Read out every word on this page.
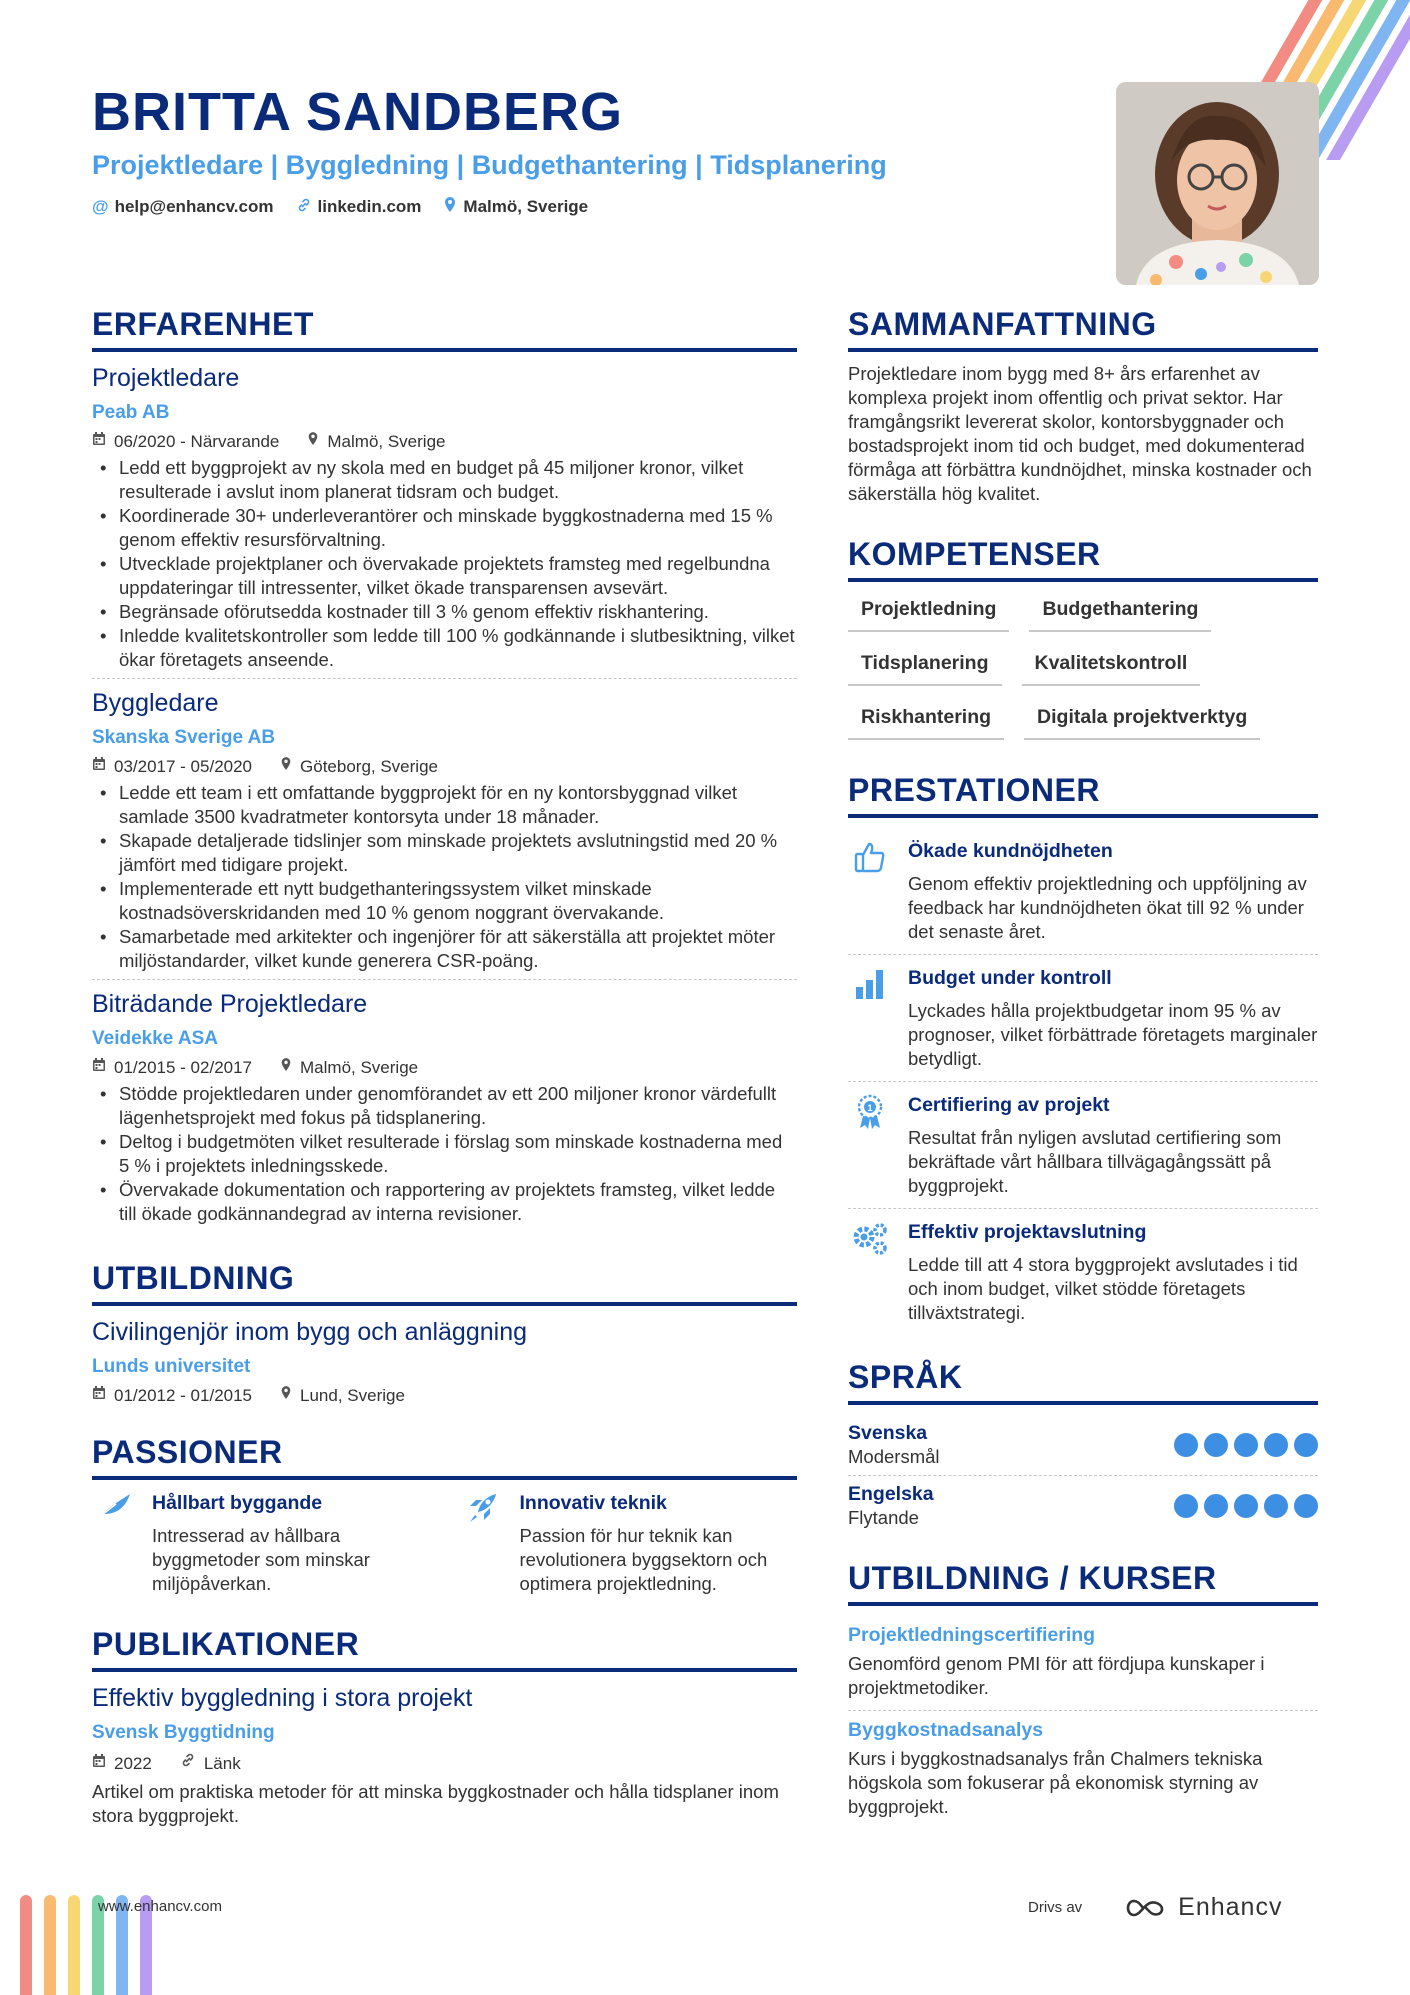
BRITTA SANDBERG
Projektledare | Byggledning | Budgethantering | Tidsplanering
@ help@enhancv.com	linkedin.com Malmö, Sverige
ERFARENHET
Projektledare
Peab AB
06/2020 - Närvarande	Malmö, Sverige
• Ledd ett byggprojekt av ny skola med en budget på 45 miljoner kronor, vilket resulterade i avslut inom planerat tidsram och budget.
• Koordinerade 30+ underleverantörer och minskade byggkostnaderna med 15 % genom effektiv resursförvaltning.
• Utvecklade projektplaner och övervakade projektets framsteg med regelbundna uppdateringar till intressenter, vilket ökade transparensen avsevärt.
• Begränsade oförutsedda kostnader till 3 % genom effektiv riskhantering.
• Inledde kvalitetskontroller som ledde till 100 % godkännande i slutbesiktning, vilket ökar företagets anseende.
Byggledare
Skanska Sverige AB
03/2017 - 05/2020	Göteborg, Sverige
• Ledde ett team i ett omfattande byggprojekt för en ny kontorsbyggnad vilket samlade 3500 kvadratmeter kontorsyta under 18 månader.
• Skapade detaljerade tidslinjer som minskade projektets avslutningstid med 20 % jämfört med tidigare projekt.
• Implementerade ett nytt budgethanteringssystem vilket minskade kostnadsöverskridanden med 10 % genom noggrant övervakande.
• Samarbetade med arkitekter och ingenjörer för att säkerställa att projektet möter miljöstandarder, vilket kunde generera CSR-poäng.
Biträdande Projektledare
Veidekke ASA
01/2015 - 02/2017	Malmö, Sverige
• Stödde projektledaren under genomförandet av ett 200 miljoner kronor värdefullt lägenhetsprojekt med fokus på tidsplanering.
• Deltog i budgetmöten vilket resulterade i förslag som minskade kostnaderna med 5 % i projektets inledningsskede.
• Övervakade dokumentation och rapportering av projektets framsteg, vilket ledde till ökade godkännandegrad av interna revisioner.
UTBILDNING
Civilingenjör inom bygg och anläggning
Lunds universitet
01/2012 - 01/2015	Lund, Sverige
PASSIONER
Hållbart byggande
Intresserad av hållbara byggmetoder som minskar miljöpåverkan.
Innovativ teknik
Passion för hur teknik kan revolutionera byggsektorn och optimera projektledning.
PUBLIKATIONER
Effektiv byggledning i stora projekt
Svensk Byggtidning
2022	Länk
Artikel om praktiska metoder för att minska byggkostnader och hålla tidsplaner inom stora byggprojekt.
SAMMANFATTNING
Projektledare inom bygg med 8+ års erfarenhet av komplexa projekt inom offentlig och privat sektor. Har framgångsrikt levererat skolor, kontorsbyggnader och bostadsprojekt inom tid och budget, med dokumenterad förmåga att förbättra kundnöjdhet, minska kostnader och säkerställa hög kvalitet.
KOMPETENSER
Projektledning	Budgethantering
Tidsplanering	Kvalitetskontroll
Riskhantering	Digitala projektverktyg
PRESTATIONER
Ökade kundnöjdheten
Genom effektiv projektledning och uppföljning av feedback har kundnöjdheten ökat till 92 % under det senaste året.
Budget under kontroll
Lyckades hålla projektbudgetar inom 95 % av prognoser, vilket förbättrade företagets marginaler betydligt.
1 Certifiering av projekt
Resultat från nyligen avslutad certifiering som bekräftade vårt hållbara tillvägagångssätt på byggprojekt.
Effektiv projektavslutning
Ledde till att 4 stora byggprojekt avslutades i tid och inom budget, vilket stödde företagets tillväxtstrategi.
SPRÅK
Svenska
Modersmål
Engelska
Flytande
UTBILDNING / KURSER
Projektledningscertifiering
Genomförd genom PMI för att fördjupa kunskaper i projektmetodiker.
Byggkostnadsanalys
Kurs i byggkostnadsanalys från Chalmers tekniska högskola som fokuserar på ekonomisk styrning av byggprojekt.
www.enhancv.com	Drivs av	Enhancv
